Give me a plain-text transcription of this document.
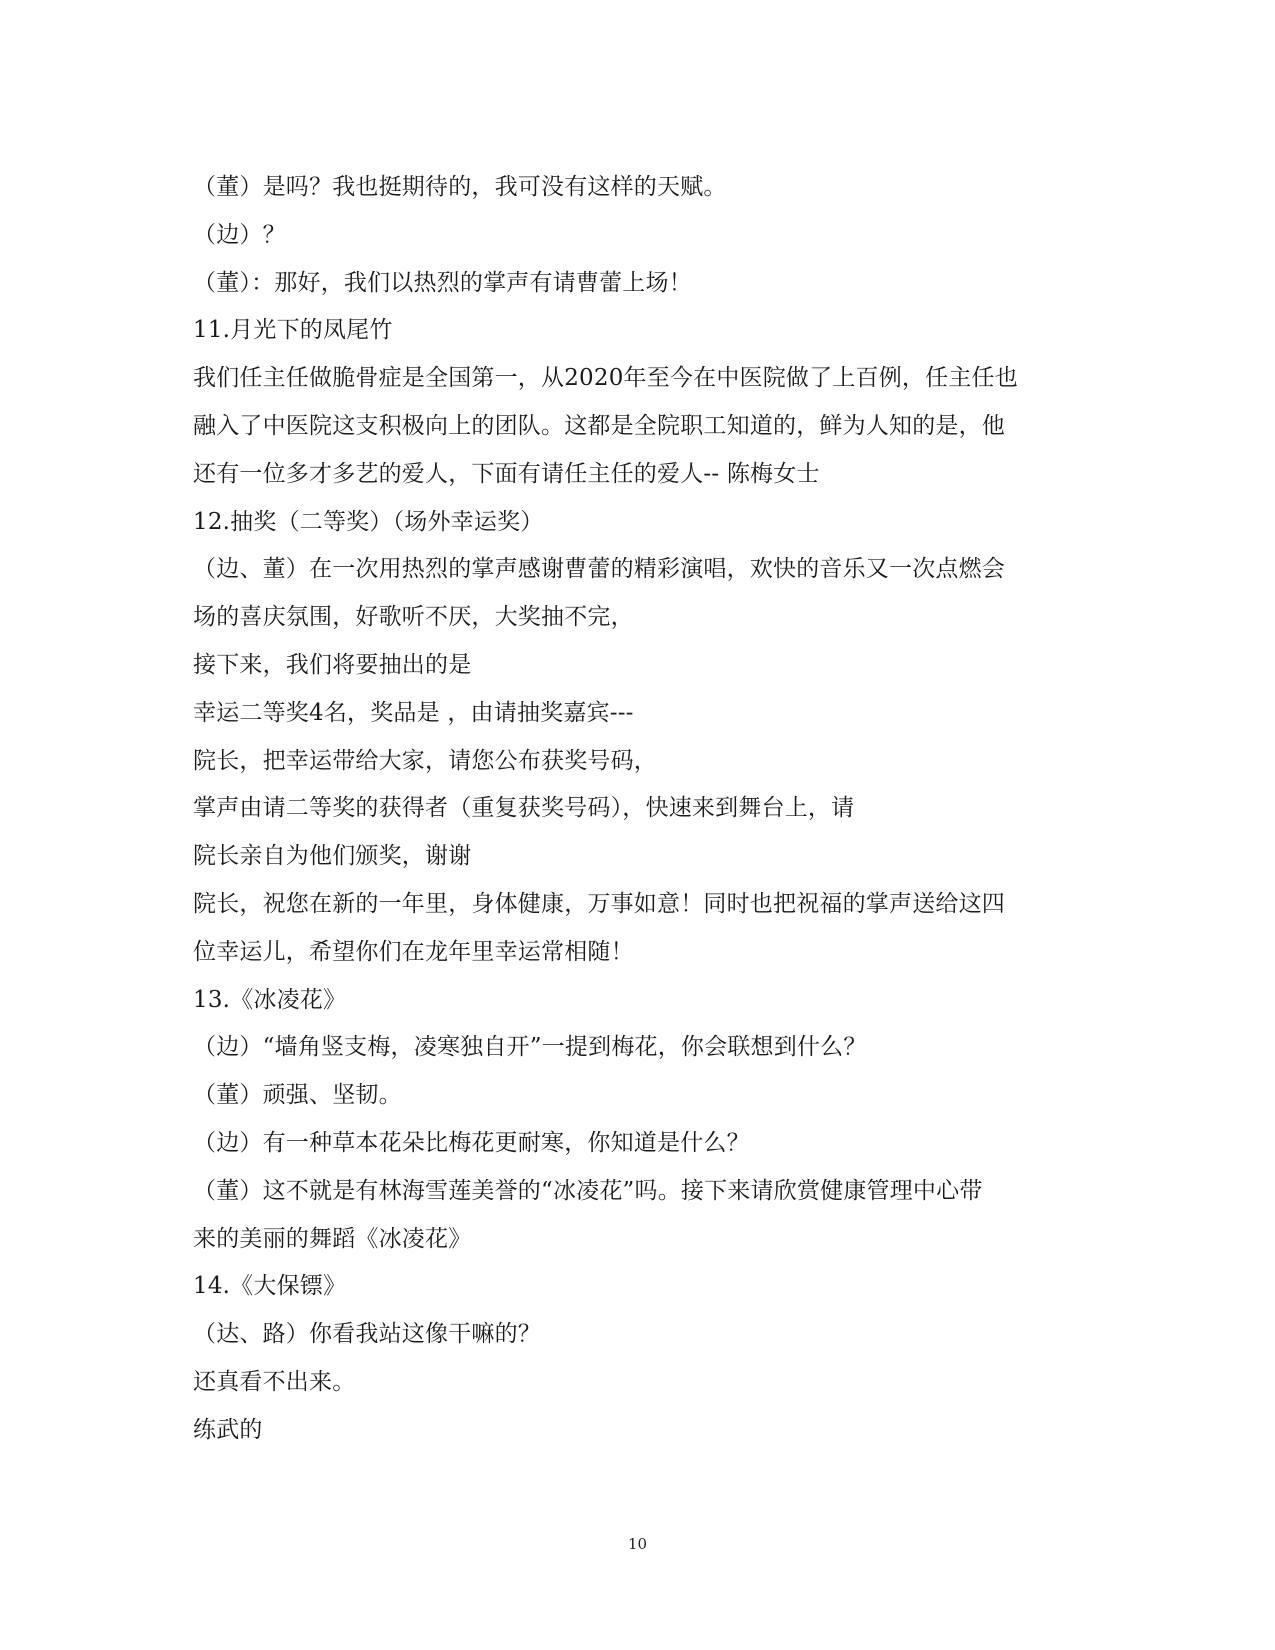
（董）是吗？我也挺期待的，我可没有这样的天赋。
（边）？
（董）：那好，我们以热烈的掌声有请曹蕾上场！
11.月光下的凤尾竹
我们任主任做脆骨症是全国第一，从2020年至今在中医院做了上百例，任主任也
融入了中医院这支积极向上的团队。这都是全院职工知道的，鲜为人知的是，他
还有一位多才多艺的爱人，下面有请任主任的爱人-- 陈梅女士
12.抽奖（二等奖）（场外幸运奖）
（边、董）在一次用热烈的掌声感谢曹蕾的精彩演唱，欢快的音乐又一次点燃会
场的喜庆氛围，好歌听不厌，大奖抽不完，
接下来，我们将要抽出的是
幸运二等奖4名，奖品是 ，由请抽奖嘉宾---
院长，把幸运带给大家，请您公布获奖号码，
掌声由请二等奖的获得者（重复获奖号码），快速来到舞台上，请
院长亲自为他们颁奖，谢谢
院长，祝您在新的一年里，身体健康，万事如意！同时也把祝福的掌声送给这四
位幸运儿，希望你们在龙年里幸运常相随！
13.《冰凌花》
（边）“墙角竖支梅，凌寒独自开”一提到梅花，你会联想到什么？
（董）顽强、坚韧。
（边）有一种草本花朵比梅花更耐寒，你知道是什么？
（董）这不就是有林海雪莲美誉的“冰凌花”吗。接下来请欣赏健康管理中心带
来的美丽的舞蹈《冰凌花》
14.《大保镖》
（达、路）你看我站这像干嘛的？
还真看不出来。
练武的
10
